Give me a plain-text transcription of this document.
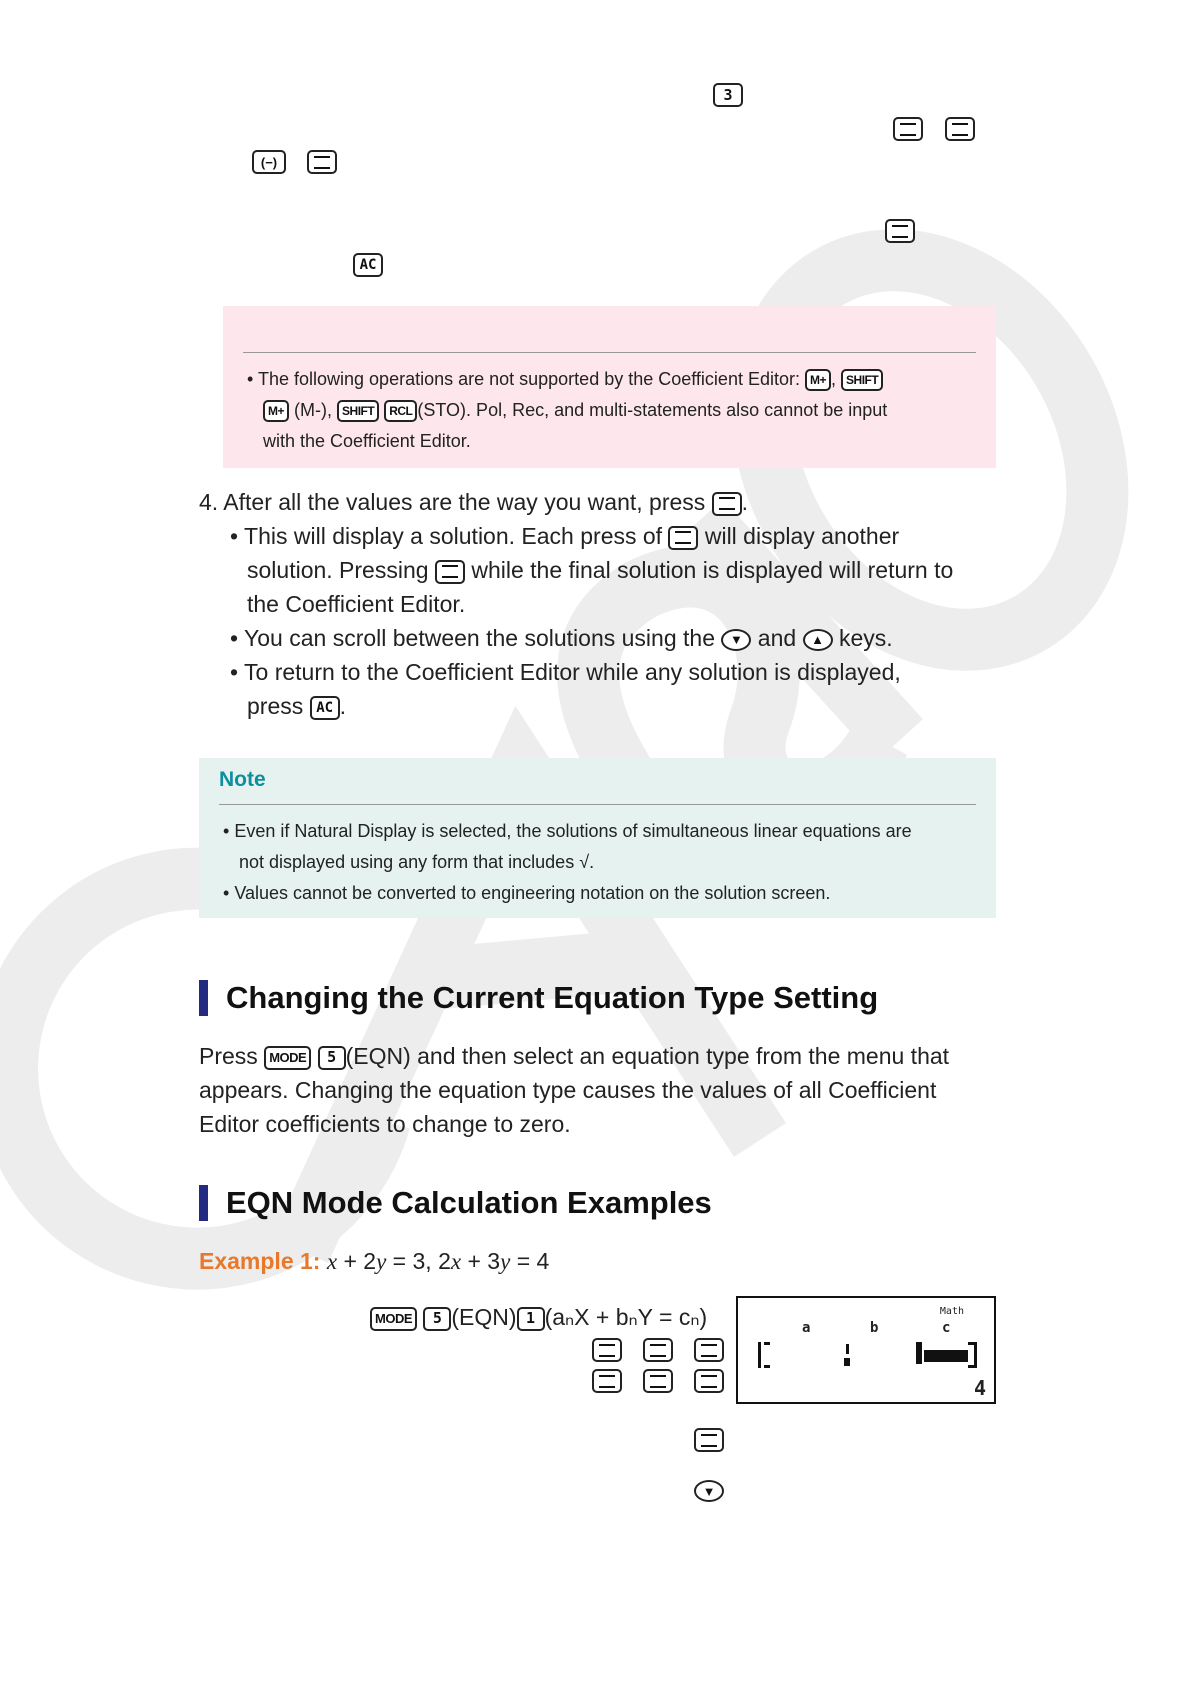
3
(−)
AC
• The following operations are not supported by the Coefficient Editor: M+ , SHIFT
M+ (M-), SHIFT RCL (STO). Pol, Rec, and multi-statements also cannot be input
with the Coefficient Editor.
4. After all the values are the way you want, press .
• This will display a solution. Each press of will display another
solution. Pressing while the final solution is displayed will return to
the Coefficient Editor.
• You can scroll between the solutions using the ▼ and ▲ keys.
• To return to the Coefficient Editor while any solution is displayed,
press AC .
Note
• Even if Natural Display is selected, the solutions of simultaneous linear equations are
not displayed using any form that includes √.
• Values cannot be converted to engineering notation on the solution screen.
Changing the Current Equation Type Setting
Press MODE 5 (EQN) and then select an equation type from the menu that
appears. Changing the equation type causes the values of all Coefficient
Editor coefficients to change to zero.
EQN Mode Calculation Examples
Example 1: x + 2y = 3, 2x + 3y = 4
MODE 5 (EQN) 1 (aₙX + bₙY = cₙ)	Math
a	b	c
4
▼
